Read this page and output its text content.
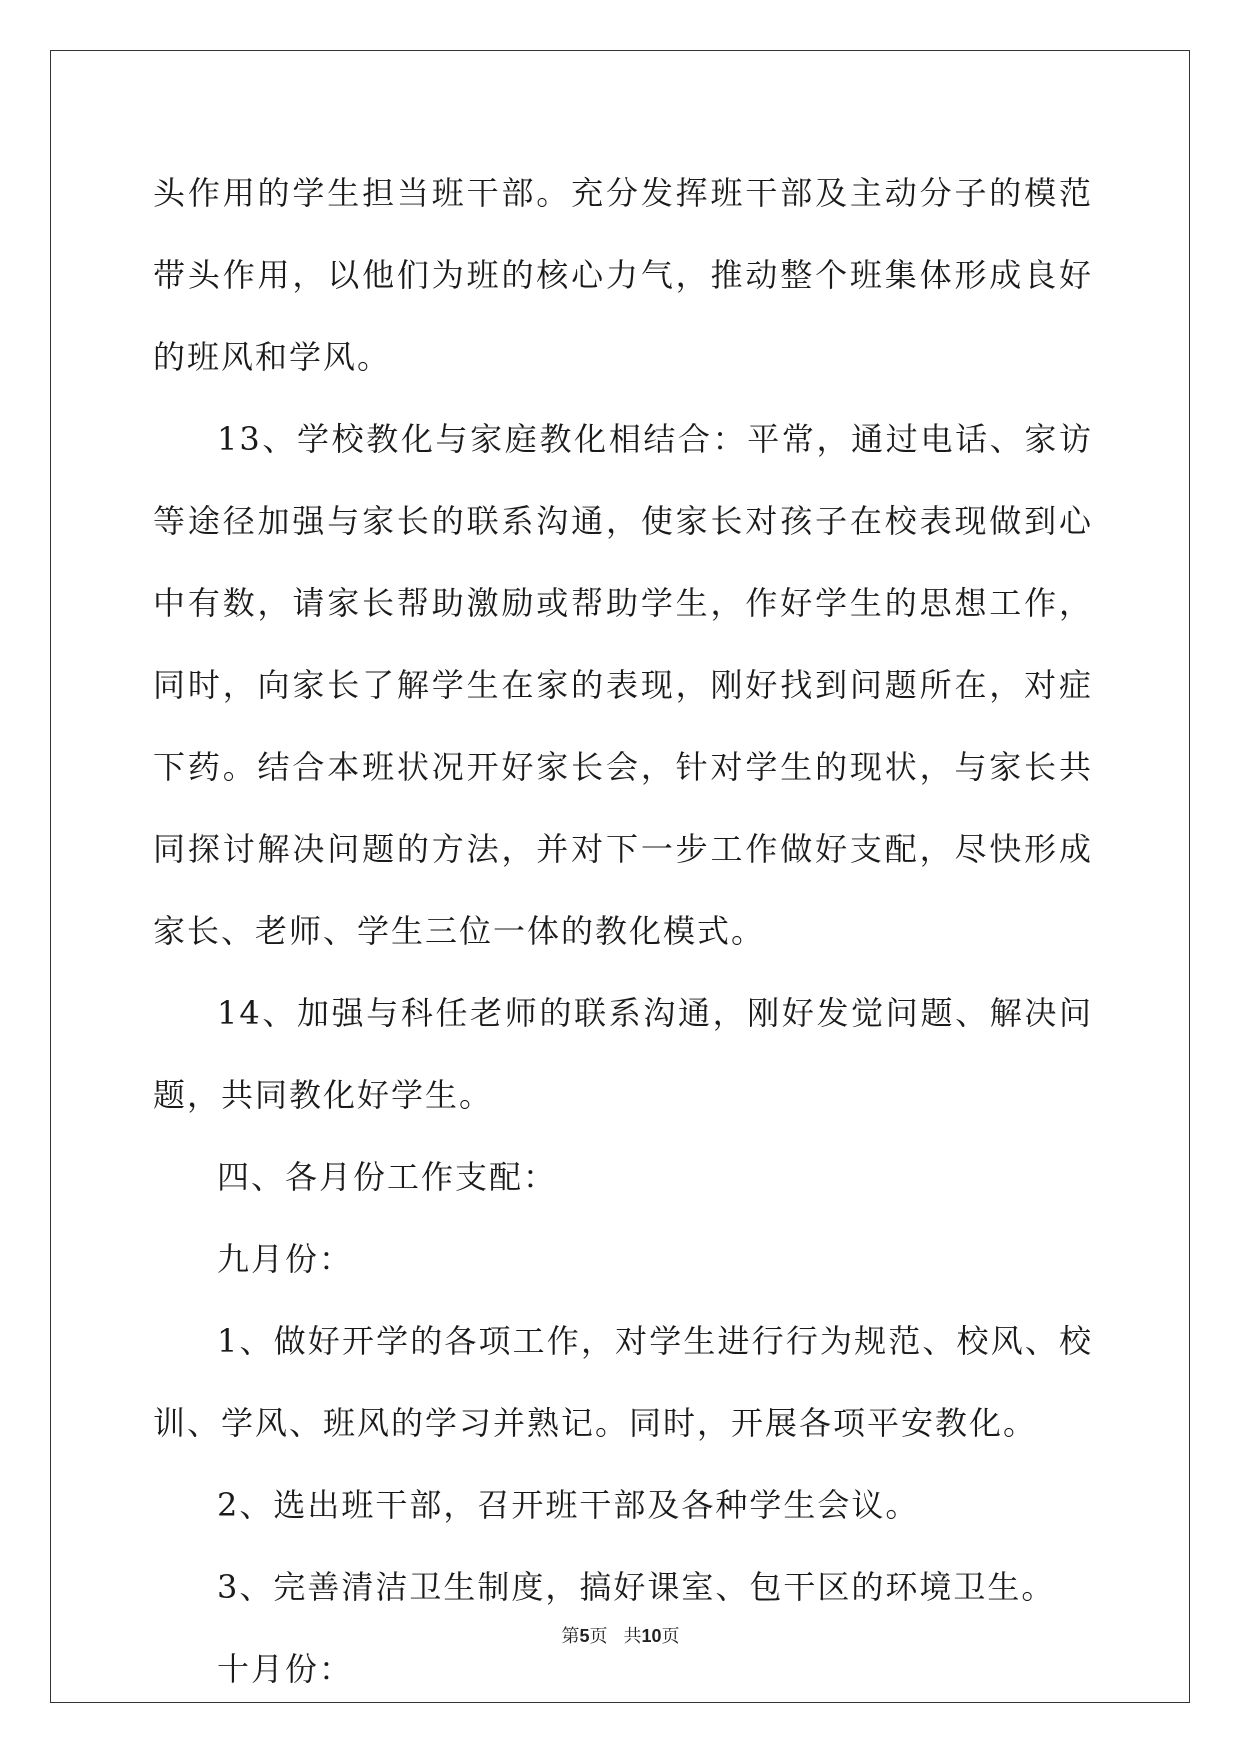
头作用的学生担当班干部。充分发挥班干部及主动分子的模范带头作用，以他们为班的核心力气，推动整个班集体形成良好的班风和学风。

13、学校教化与家庭教化相结合：平常，通过电话、家访等途径加强与家长的联系沟通，使家长对孩子在校表现做到心中有数，请家长帮助激励或帮助学生，作好学生的思想工作，同时，向家长了解学生在家的表现，刚好找到问题所在，对症下药。结合本班状况开好家长会，针对学生的现状，与家长共同探讨解决问题的方法，并对下一步工作做好支配，尽快形成家长、老师、学生三位一体的教化模式。

14、加强与科任老师的联系沟通，刚好发觉问题、解决问题，共同教化好学生。

四、各月份工作支配：

九月份：

1、做好开学的各项工作，对学生进行行为规范、校风、校训、学风、班风的学习并熟记。同时，开展各项平安教化。

2、选出班干部，召开班干部及各种学生会议。

3、完善清洁卫生制度，搞好课室、包干区的环境卫生。

十月份：

第5页 共10页
